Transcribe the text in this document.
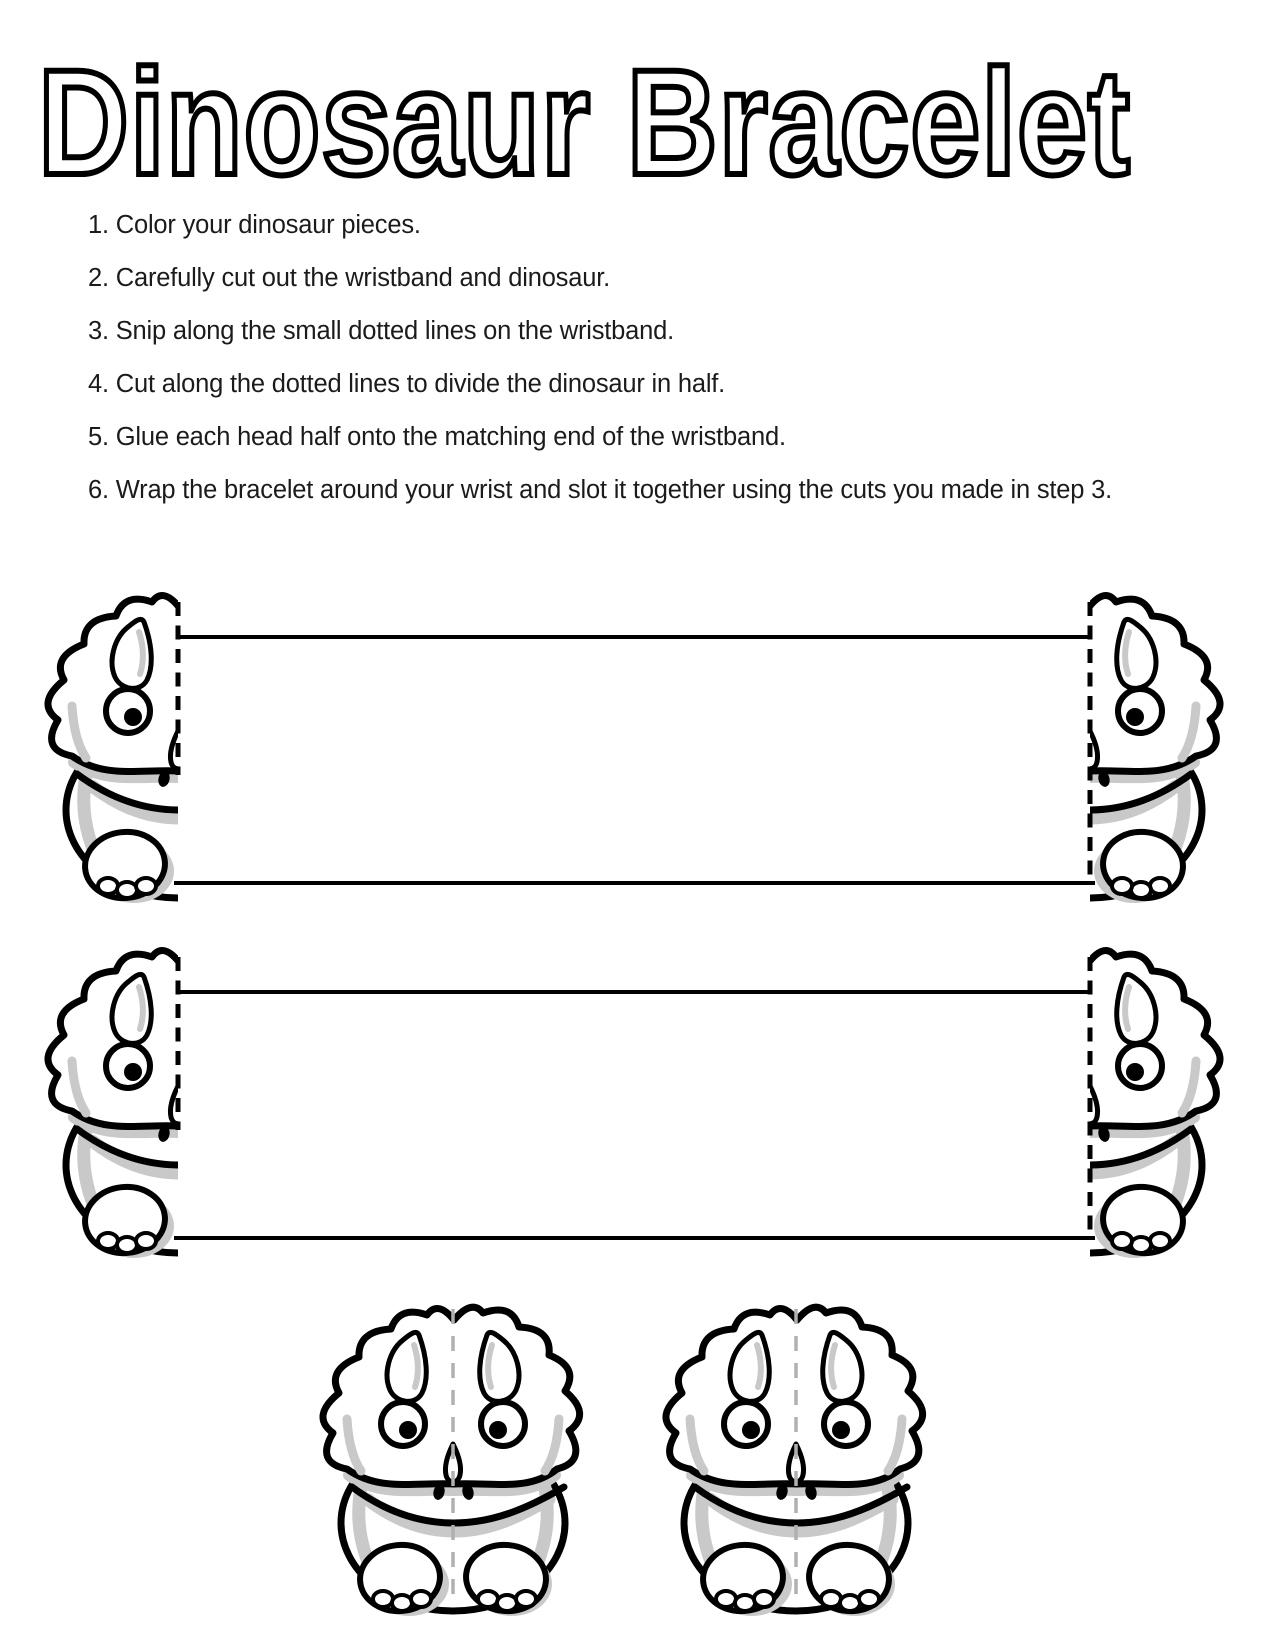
Dinosaur Bracelet
1. Color your dinosaur pieces.
2. Carefully cut out the wristband and dinosaur.
3. Snip along the small dotted lines on the wristband.
4. Cut along the dotted lines to divide the dinosaur in half.
5. Glue each head half onto the matching end of the wristband.
6. Wrap the bracelet around your wrist and slot it together using the cuts you made in step 3.
